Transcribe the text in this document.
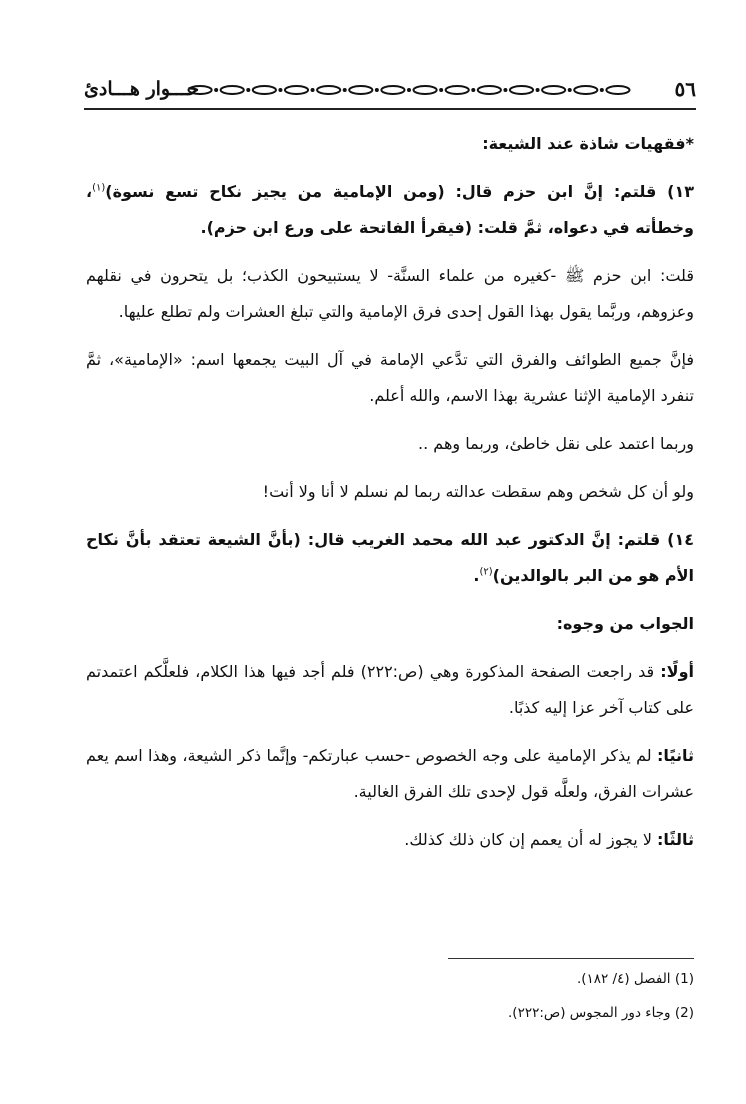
حـــوار هـــادئ	٥٦

*فقهيات شاذة عند الشيعة:

١٣) قلتم: إنَّ ابن حزم قال: (ومن الإمامية من يجيز نكاح تسع نسوة)$^{(١)}$، وخطأته في دعواه، ثمَّ قلت: (فيقرأ الفاتحة على ورع ابن حزم).

قلت: ابن حزم ﷺ -كغيره من علماء السنَّة- لا يستبيحون الكذب؛ بل يتحرون في نقلهم وعزوهم، وربَّما يقول بهذا القول إحدى فرق الإمامية والتي تبلغ العشرات ولم تطلع عليها.

فإنَّ جميع الطوائف والفرق التي تدَّعي الإمامة في آل البيت يجمعها اسم: «الإمامية»، ثمَّ تنفرد الإمامية الإثنا عشرية بهذا الاسم، والله أعلم.

وربما اعتمد على نقل خاطئ، وربما وهم ..

ولو أن كل شخص وهم سقطت عدالته ربما لم نسلم لا أنا ولا أنت!

١٤) قلتم: إنَّ الدكتور عبد الله محمد الغريب قال: (بأنَّ الشيعة تعتقد بأنَّ نكاح الأم هو من البر بالوالدين)$^{(٢)}$.

الجواب من وجوه:

أولًا: قد راجعت الصفحة المذكورة وهي (ص:٢٢٢) فلم أجد فيها هذا الكلام، فلعلَّكم اعتمدتم على كتاب آخر عزا إليه كذبًا.

ثانيًا: لم يذكر الإمامية على وجه الخصوص -حسب عبارتكم- وإنَّما ذكر الشيعة، وهذا اسم يعم عشرات الفرق، ولعلَّه قول لإحدى تلك الفرق الغالية.

ثالثًا: لا يجوز له أن يعمم إن كان ذلك كذلك.

(1) الفصل (٤/ ١٨٢).
(2) وجاء دور المجوس (ص:٢٢٢).
